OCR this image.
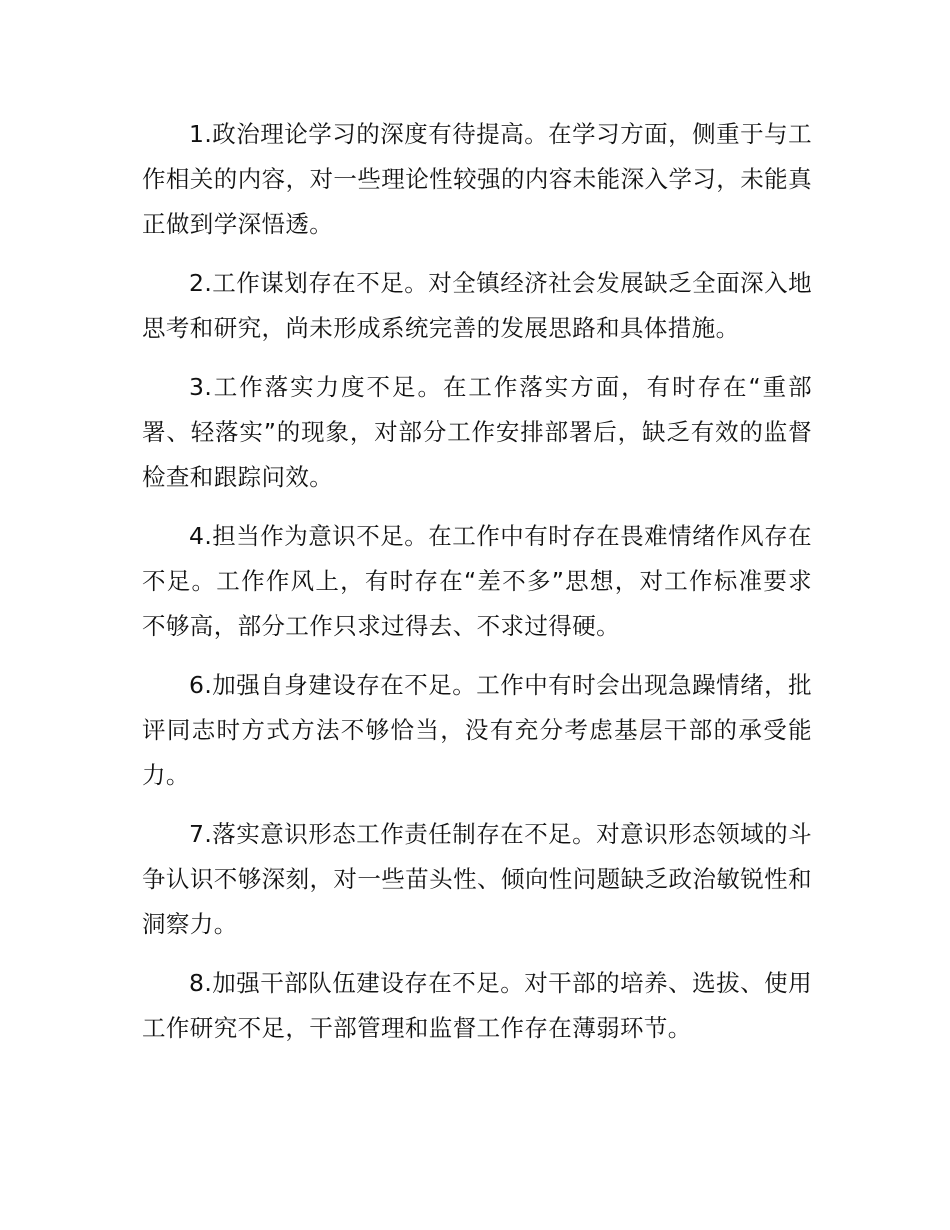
1.政治理论学习的深度有待提高。在学习方面，侧重于与工作相关的内容，对一些理论性较强的内容未能深入学习，未能真正做到学深悟透。

2.工作谋划存在不足。对全镇经济社会发展缺乏全面深入地思考和研究，尚未形成系统完善的发展思路和具体措施。

3.工作落实力度不足。在工作落实方面，有时存在“重部署、轻落实”的现象，对部分工作安排部署后，缺乏有效的监督检查和跟踪问效。

4.担当作为意识不足。在工作中有时存在畏难情绪作风存在不足。工作作风上，有时存在“差不多”思想，对工作标准要求不够高，部分工作只求过得去、不求过得硬。

6.加强自身建设存在不足。工作中有时会出现急躁情绪，批评同志时方式方法不够恰当，没有充分考虑基层干部的承受能力。

7.落实意识形态工作责任制存在不足。对意识形态领域的斗争认识不够深刻，对一些苗头性、倾向性问题缺乏政治敏锐性和洞察力。

8.加强干部队伍建设存在不足。对干部的培养、选拔、使用工作研究不足，干部管理和监督工作存在薄弱环节。
